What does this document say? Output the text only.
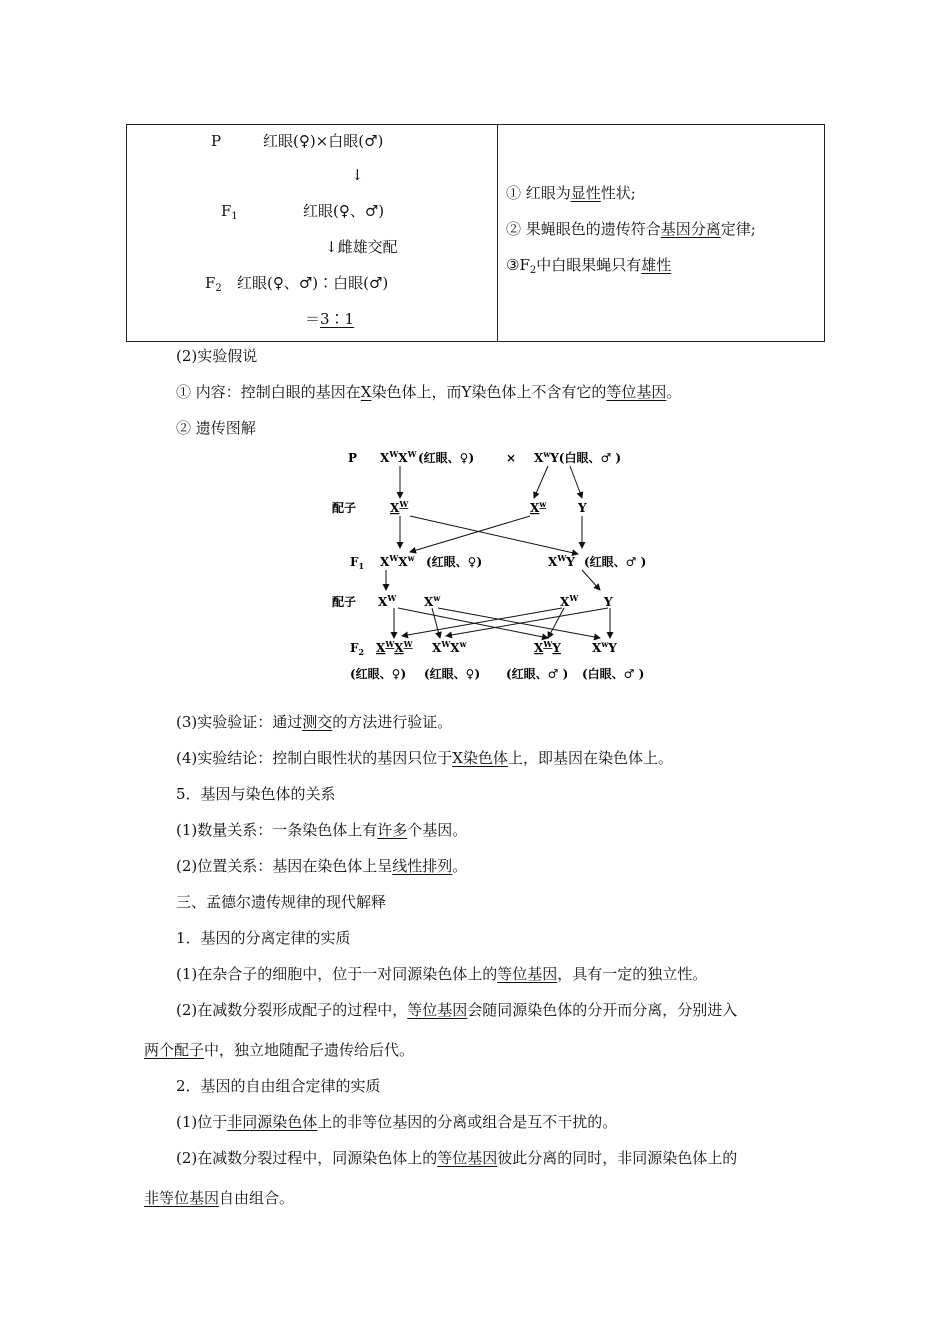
P	红眼(♀)×白眼(♂)
↓
$F_1$	红眼(♀、♂)
↓雌雄交配
$F_2$ 红眼(♀、♂)∶白眼(♂)
＝3∶1

① 红眼为显性性状;
② 果蝇眼色的遗传符合基因分离定律;
$③F_2$中白眼果蝇只有雄性
(2)实验假说
① 内容：控制白眼的基因在X染色体上，而Y染色体上不含有它的等位基因。
② 遗传图解
P $X^WX^W$ (红眼、♀)	× $X^wY$(白眼、♂ )
配子	$X^W$	$X^w$	Y
$F_1$ $X^WX^w$ (红眼、♀)	$X^WY$ (红眼、♂ )
配子 $X^W$ $X^w$	$X^W$ Y
$F_2$ $X^WX^W$ $X^WX^w$	$X^WY$	$X^wY$
(红眼、♀) (红眼、♀) (红眼、♂ ) (白眼、♂ )
(3)实验验证：通过测交的方法进行验证。
(4)实验结论：控制白眼性状的基因只位于X染色体上，即基因在染色体上。
5．基因与染色体的关系
(1)数量关系：一条染色体上有许多个基因。
(2)位置关系：基因在染色体上呈线性排列。
三、孟德尔遗传规律的现代解释
1．基因的分离定律的实质
(1)在杂合子的细胞中，位于一对同源染色体上的等位基因，具有一定的独立性。
(2)在减数分裂形成配子的过程中，等位基因会随同源染色体的分开而分离，分别进入
两个配子中，独立地随配子遗传给后代。
2．基因的自由组合定律的实质
(1)位于非同源染色体上的非等位基因的分离或组合是互不干扰的。
(2)在减数分裂过程中，同源染色体上的等位基因彼此分离的同时，非同源染色体上的
非等位基因自由组合。
